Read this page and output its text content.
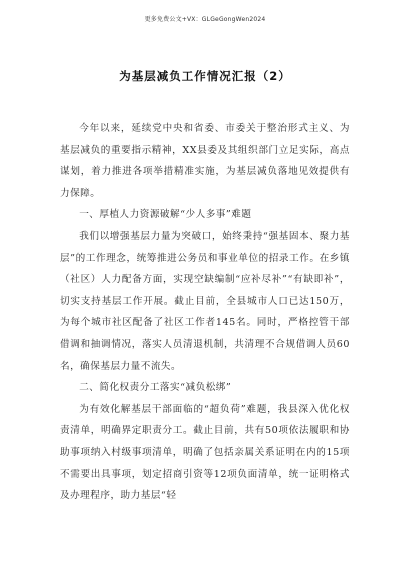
更多免费公文+VX：GLGeGongWen2024
为基层减负工作情况汇报（2）

今年以来，延续党中央和省委、市委关于整治形式主义、为基层减负的重要指示精神，XX县委及其组织部门立足实际，高点谋划，着力推进各项举措精准实施，为基层减负落地见效提供有力保障。

一、厚植人力资源破解“少人多事”难题

我们以增强基层力量为突破口，始终秉持“强基固本、聚力基层”的工作理念，统筹推进公务员和事业单位的招录工作。在乡镇（社区）人力配备方面，实现空缺编制“应补尽补”“有缺即补”，切实支持基层工作开展。截止目前，全县城市人口已达150万，为每个城市社区配备了社区工作者145名。同时，严格控管干部借调和抽调情况，落实人员清退机制，共清理不合规借调人员60名，确保基层力量不流失。

二、简化权责分工落实“减负松绑”

为有效化解基层干部面临的“超负荷”难题，我县深入优化权责清单，明确界定职责分工。截止目前，共有50项依法履职和协助事项纳入村级事项清单，明确了包括亲属关系证明在内的15项不需要出具事项，划定招商引资等12项负面清单，统一证明格式及办理程序，助力基层“轻
